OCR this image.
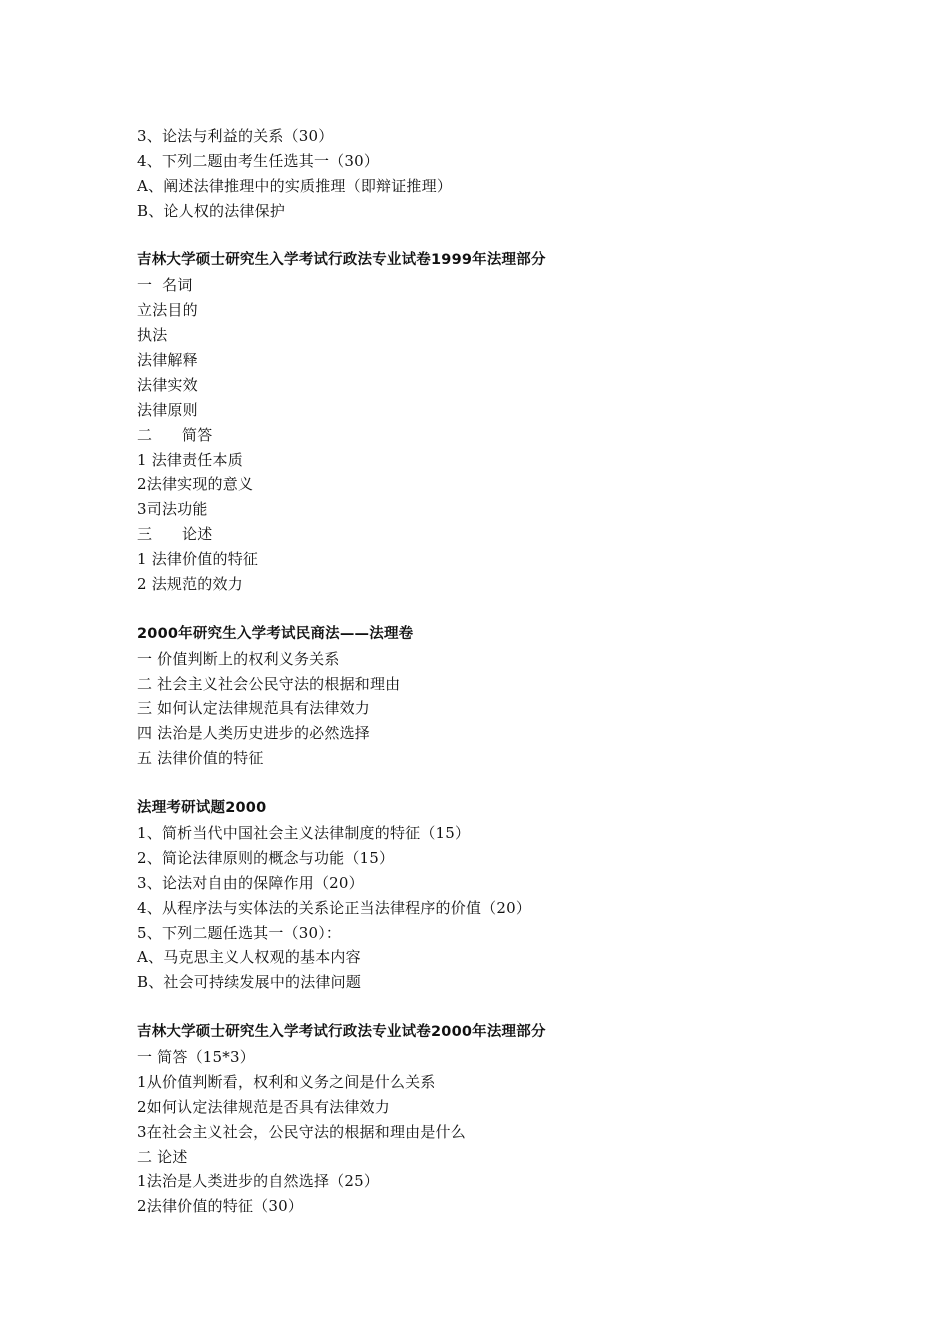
3、论法与利益的关系（30）
4、下列二题由考生任选其一（30）
A、阐述法律推理中的实质推理（即辩证推理）
B、论人权的法律保护
吉林大学硕士研究生入学考试行政法专业试卷1999年法理部分
一  名词
立法目的
执法
法律解释
法律实效
法律原则
二      简答
1 法律责任本质
2法律实现的意义
3司法功能
三      论述
1 法律价值的特征
2 法规范的效力
2000年研究生入学考试民商法——法理卷
一 价值判断上的权利义务关系
二 社会主义社会公民守法的根据和理由
三 如何认定法律规范具有法律效力
四 法治是人类历史进步的必然选择
五 法律价值的特征
法理考研试题2000
1、简析当代中国社会主义法律制度的特征（15）
2、简论法律原则的概念与功能（15）
3、论法对自由的保障作用（20）
4、从程序法与实体法的关系论正当法律程序的价值（20）
5、下列二题任选其一（30）：
A、马克思主义人权观的基本内容
B、社会可持续发展中的法律问题
吉林大学硕士研究生入学考试行政法专业试卷2000年法理部分
一 简答（15*3）
1从价值判断看，权利和义务之间是什么关系
2如何认定法律规范是否具有法律效力
3在社会主义社会，公民守法的根据和理由是什么
二 论述
1法治是人类进步的自然选择（25）
2法律价值的特征（30）
